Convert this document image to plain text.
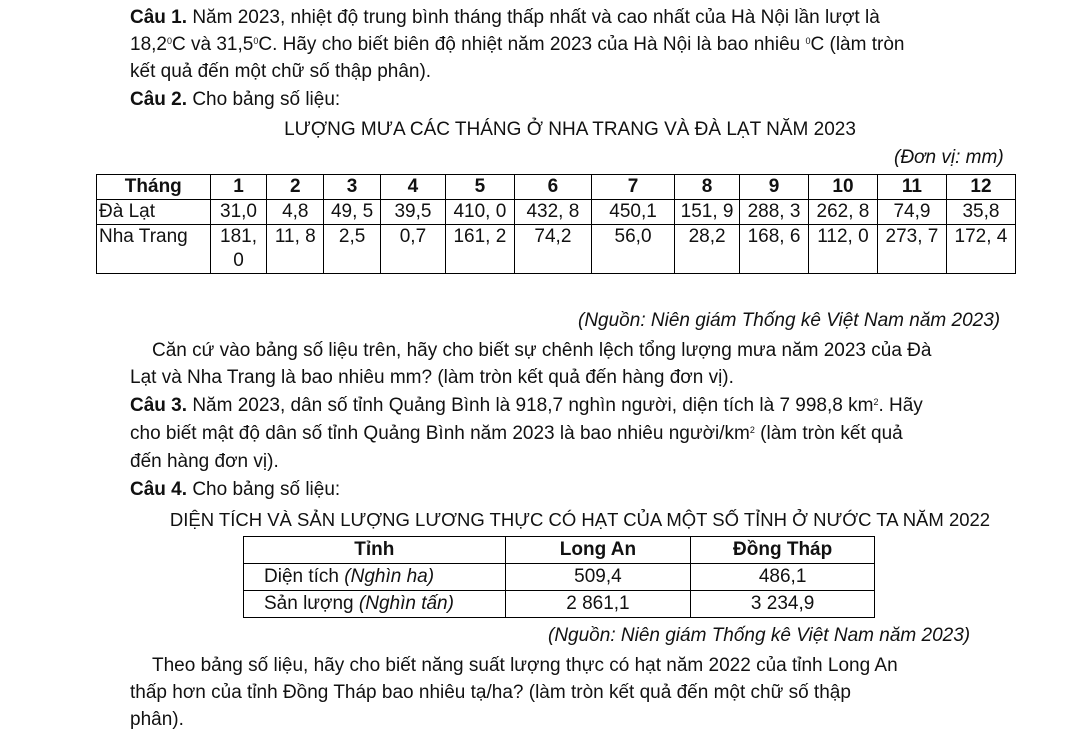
Câu 1. Năm 2023, nhiệt độ trung bình tháng thấp nhất và cao nhất của Hà Nội lần lượt là

18,2$^0$C và 31,5$^0$C. Hãy cho biết biên độ nhiệt năm 2023 của Hà Nội là bao nhiêu $^0$C (làm tròn

kết quả đến một chữ số thập phân).

Câu 2. Cho bảng số liệu:

LƯỢNG MƯA CÁC THÁNG Ở NHA TRANG VÀ ĐÀ LẠT NĂM 2023

(Đơn vị: mm)

Tháng	1	2	3	4	5	6	7	8	9	10	11	12
Đà Lạt	31,0	4,8	49, 5	39,5	410, 0	432, 8	450,1	151, 9	288, 3	262, 8	74,9	35,8
Nha Trang	181, 0	11, 8	2,5	0,7	161, 2	74,2	56,0	28,2	168, 6	112, 0	273, 7	172, 4

(Nguồn: Niên giám Thống kê Việt Nam năm 2023)

Căn cứ vào bảng số liệu trên, hãy cho biết sự chênh lệch tổng lượng mưa năm 2023 của Đà

Lạt và Nha Trang là bao nhiêu mm? (làm tròn kết quả đến hàng đơn vị).

Câu 3. Năm 2023, dân số tỉnh Quảng Bình là 918,7 nghìn người, diện tích là 7 998,8 $km^2$. Hãy

cho biết mật độ dân số tỉnh Quảng Bình năm 2023 là bao nhiêu người/$km^2$ (làm tròn kết quả

đến hàng đơn vị).

Câu 4. Cho bảng số liệu:

DIỆN TÍCH VÀ SẢN LƯỢNG LƯƠNG THỰC CÓ HẠT CỦA MỘT SỐ TỈNH Ở NƯỚC TA NĂM 2022

Tỉnh	Long An	Đồng Tháp
Diện tích (Nghìn ha)	509,4	486,1
Sản lượng (Nghìn tấn)	2 861,1	3 234,9

(Nguồn: Niên giám Thống kê Việt Nam năm 2023)

Theo bảng số liệu, hãy cho biết năng suất lượng thực có hạt năm 2022 của tỉnh Long An

thấp hơn của tỉnh Đồng Tháp bao nhiêu tạ/ha? (làm tròn kết quả đến một chữ số thập

phân).
